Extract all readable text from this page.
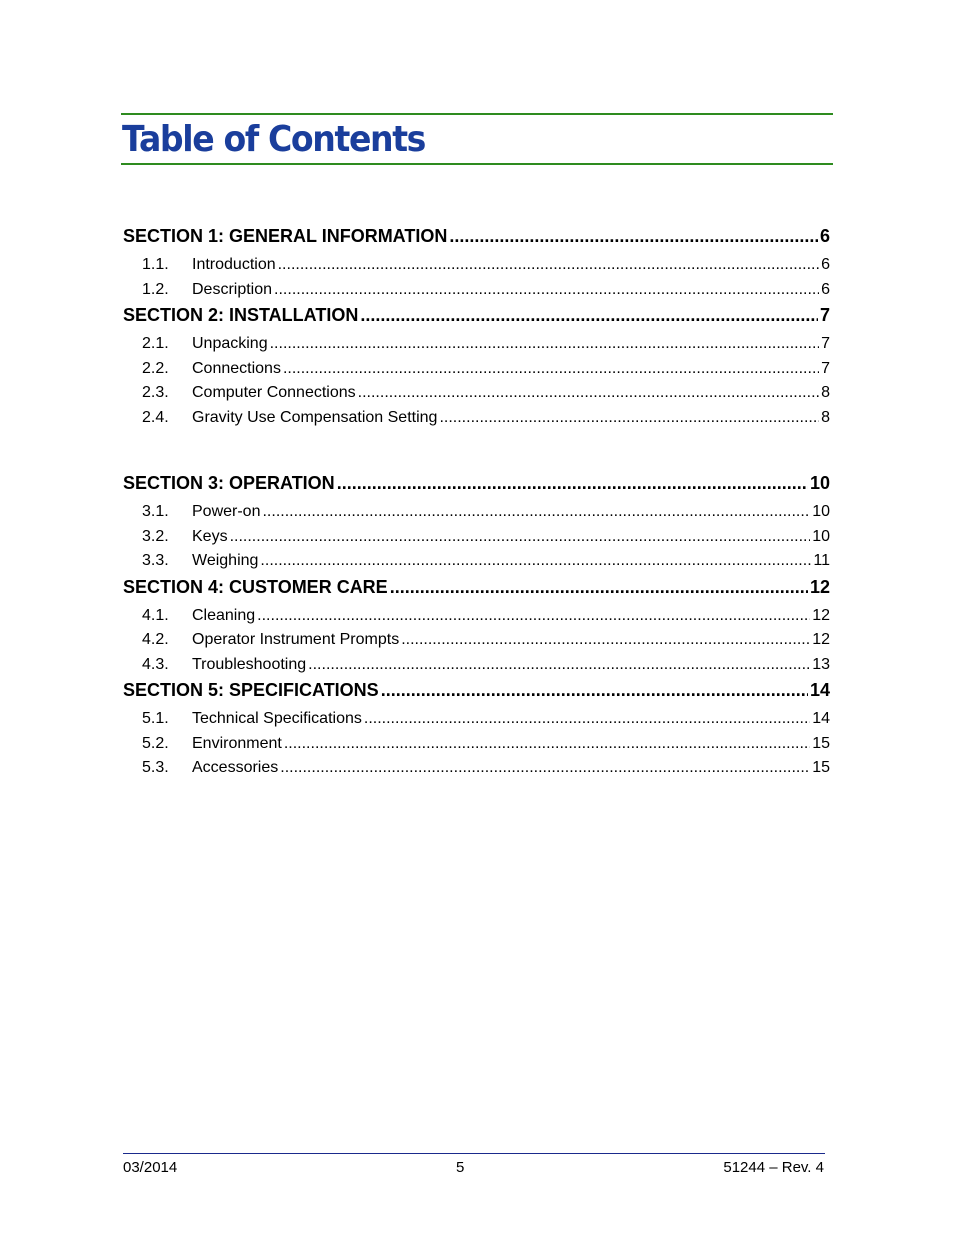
Table of Contents
SECTION 1: GENERAL INFORMATION .....	6
1.1.	Introduction .....	6
1.2.	Description .....	6
SECTION 2: INSTALLATION .....	7
2.1.	Unpacking .....	7
2.2.	Connections .....	7
2.3.	Computer Connections .....	8
2.4.	Gravity Use Compensation Setting .....	8
SECTION 3: OPERATION .....	10
3.1.	Power-on .....	10
3.2.	Keys .....	10
3.3.	Weighing .....	11
SECTION 4: CUSTOMER CARE .....	12
4.1.	Cleaning .....	12
4.2.	Operator Instrument Prompts .....	12
4.3.	Troubleshooting .....	13
SECTION 5: SPECIFICATIONS .....	14
5.1.	Technical Specifications .....	14
5.2.	Environment .....	15
5.3.	Accessories .....	15
03/2014	5	51244 – Rev. 4
